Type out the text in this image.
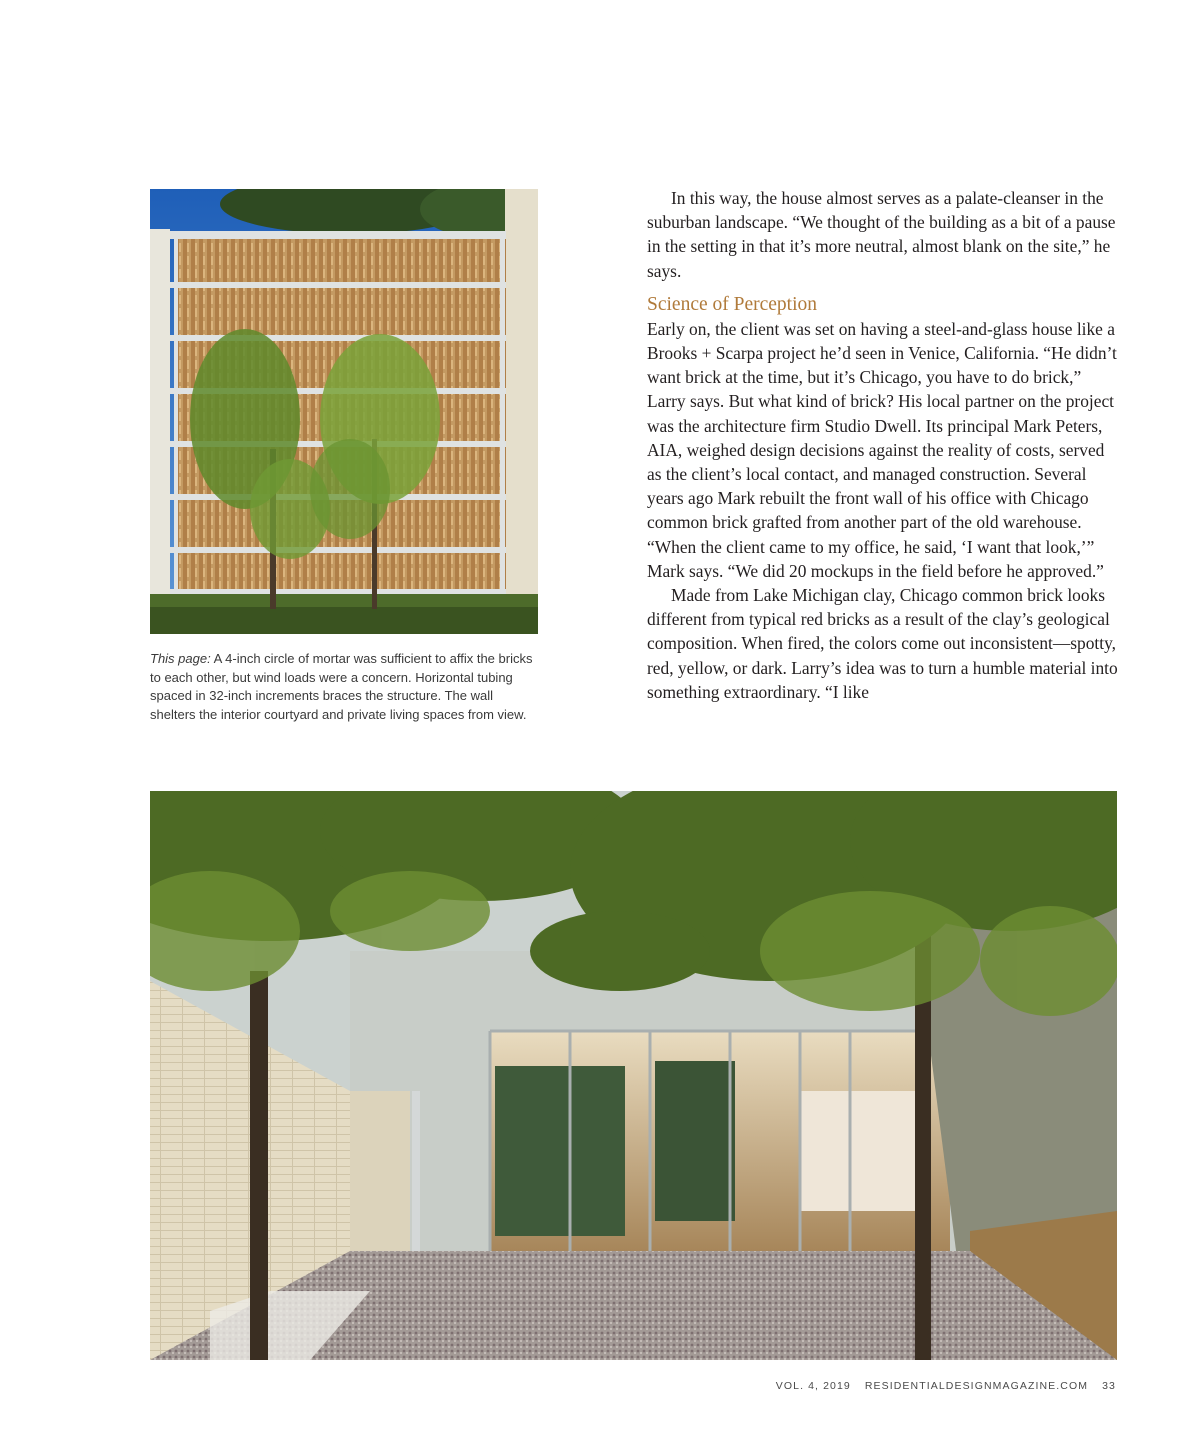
This page: A 4-inch circle of mortar was sufficient to affix the bricks to each other, but wind loads were a concern. Horizontal tubing spaced in 32-inch increments braces the structure. The wall shelters the interior courtyard and private living spaces from view.

In this way, the house almost serves as a palate-cleanser in the suburban landscape. “We thought of the building as a bit of a pause in the setting in that it’s more neutral, almost blank on the site,” he says.

Science of Perception

Early on, the client was set on having a steel-and-glass house like a Brooks + Scarpa project he’d seen in Venice, California. “He didn’t want brick at the time, but it’s Chicago, you have to do brick,” Larry says. But what kind of brick? His local partner on the project was the architecture firm Studio Dwell. Its principal Mark Peters, AIA, weighed design decisions against the reality of costs, served as the client’s local contact, and managed construction. Several years ago Mark rebuilt the front wall of his office with Chicago common brick grafted from another part of the old warehouse. “When the client came to my office, he said, ‘I want that look,’” Mark says. “We did 20 mockups in the field before he approved.”

Made from Lake Michigan clay, Chicago common brick looks different from typical red bricks as a result of the clay’s geological composition. When fired, the colors come out inconsistent—spotty, red, yellow, or dark. Larry’s idea was to turn a humble material into something extraordinary. “I like

VOL. 4, 2019 RESIDENTIALDESIGNMAGAZINE.COM 33
